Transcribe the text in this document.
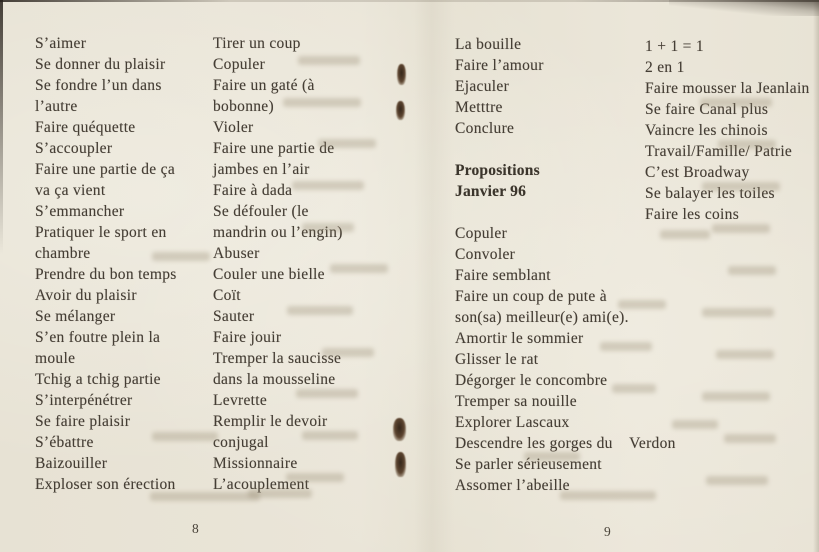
S’aimer
Se donner du plaisir
Se fondre l’un dans
l’autre
Faire quéquette
S’accoupler
Faire une partie de ça
va ça vient
S’emmancher
Pratiquer le sport en
chambre
Prendre du bon temps
Avoir du plaisir
Se mélanger
S’en foutre plein la
moule
Tchig a tchig partie
S’interpénétrer
Se faire plaisir
S’ébattre
Baizouiller
Exploser son érection
Tirer un coup
Copuler
Faire un gaté (à
bobonne)
Violer
Faire une partie de
jambes en l’air
Faire à dada
Se défouler (le
mandrin ou l’engin)
Abuser
Couler une bielle
Coït
Sauter
Faire jouir
Tremper la saucisse
dans la mousseline
Levrette
Remplir le devoir
conjugal
Missionnaire
L’acouplement
8
La bouille
Faire l’amour
Ejaculer
Metttre
Conclure

Propositions
Janvier 96

Copuler
Convoler
Faire semblant
Faire un coup de pute à
son(sa) meilleur(e) ami(e).
Amortir le sommier
Glisser le rat
Dégorger le concombre
Tremper sa nouille
Explorer Lascaux
Descendre les gorges du    Verdon
Se parler sérieusement
Assomer l’abeille
1 + 1 = 1
2 en 1
Faire mousser la Jeanlain
Se faire Canal plus
Vaincre les chinois
Travail/Famille/ Patrie
C’est Broadway
Se balayer les toiles
Faire les coins
9
